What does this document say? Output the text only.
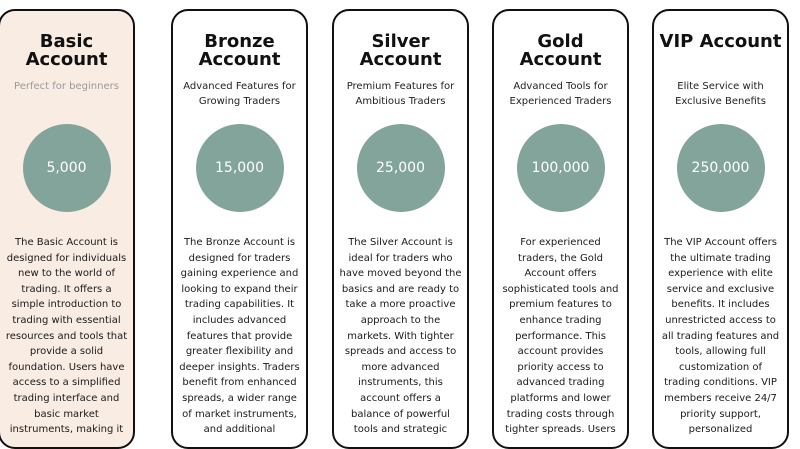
Basic Account
Perfect for beginners
5,000
The Basic Account is designed for individuals new to the world of trading. It offers a simple introduction to trading with essential resources and tools that provide a solid foundation. Users have access to a simplified trading interface and basic market instruments, making it
Bronze Account
Advanced Features for Growing Traders
15,000
The Bronze Account is designed for traders gaining experience and looking to expand their trading capabilities. It includes advanced features that provide greater flexibility and deeper insights. Traders benefit from enhanced spreads, a wider range of market instruments, and additional
Silver Account
Premium Features for Ambitious Traders
25,000
The Silver Account is ideal for traders who have moved beyond the basics and are ready to take a more proactive approach to the markets. With tighter spreads and access to more advanced instruments, this account offers a balance of powerful tools and strategic
Gold Account
Advanced Tools for Experienced Traders
100,000
For experienced traders, the Gold Account offers sophisticated tools and premium features to enhance trading performance. This account provides priority access to advanced trading platforms and lower trading costs through tighter spreads. Users
VIP Account
Elite Service with Exclusive Benefits
250,000
The VIP Account offers the ultimate trading experience with elite service and exclusive benefits. It includes unrestricted access to all trading features and tools, allowing full customization of trading conditions. VIP members receive 24/7 priority support, personalized
